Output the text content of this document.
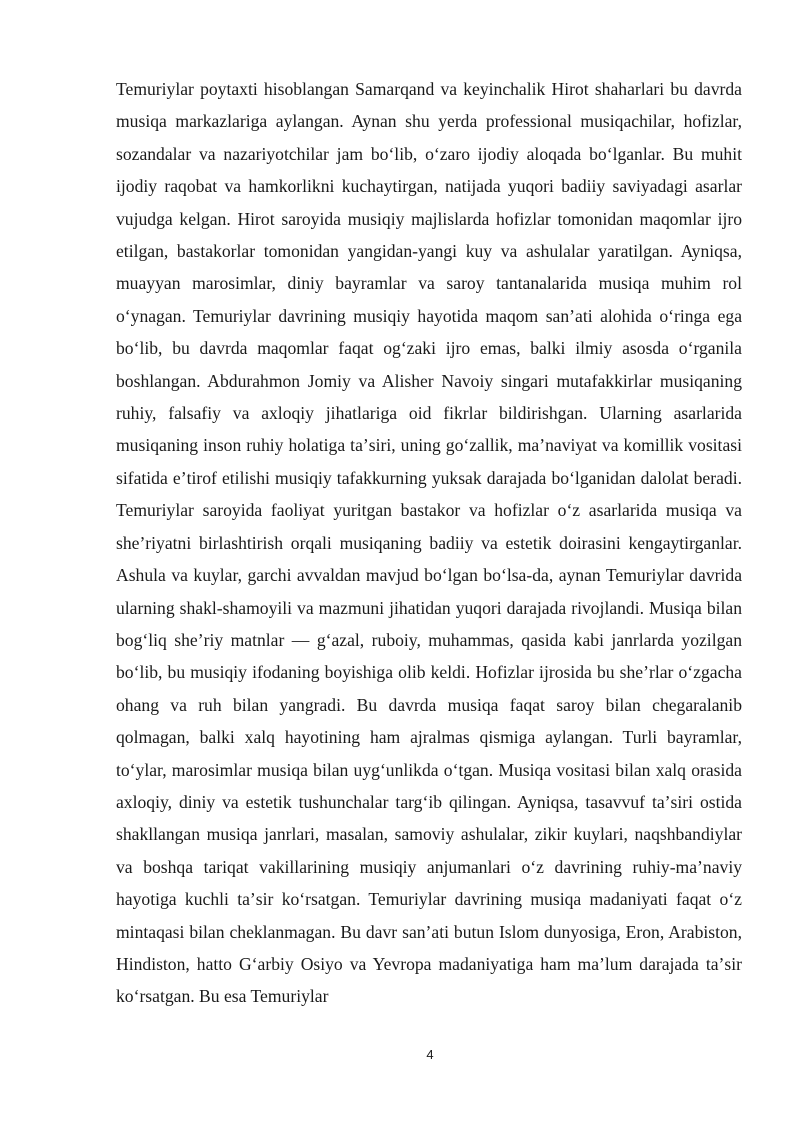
Temuriylar poytaxti hisoblangan Samarqand va keyinchalik Hirot shaharlari bu davrda musiqa markazlariga aylangan. Aynan shu yerda professional musiqachilar, hofizlar, sozandalar va nazariyotchilar jam boʻlib, oʻzaro ijodiy aloqada boʻlganlar. Bu muhit ijodiy raqobat va hamkorlikni kuchaytirgan, natijada yuqori badiiy saviyadagi asarlar vujudga kelgan. Hirot saroyida musiqiy majlislarda hofizlar tomonidan maqomlar ijro etilgan, bastakorlar tomonidan yangidan-yangi kuy va ashulalar yaratilgan. Ayniqsa, muayyan marosimlar, diniy bayramlar va saroy tantanalarida musiqa muhim rol oʻynagan. Temuriylar davrining musiqiy hayotida maqom sanʼati alohida oʻringa ega boʻlib, bu davrda maqomlar faqat ogʻzaki ijro emas, balki ilmiy asosda oʻrganila boshlangan. Abdurahmon Jomiy va Alisher Navoiy singari mutafakkirlar musiqaning ruhiy, falsafiy va axloqiy jihatlariga oid fikrlar bildirishgan. Ularning asarlarida musiqaning inson ruhiy holatiga taʼsiri, uning goʻzallik, maʼnaviyat va komillik vositasi sifatida eʼtirof etilishi musiqiy tafakkurning yuksak darajada boʻlganidan dalolat beradi. Temuriylar saroyida faoliyat yuritgan bastakor va hofizlar oʻz asarlarida musiqa va sheʼriyatni birlashtirish orqali musiqaning badiiy va estetik doirasini kengaytirganlar. Ashula va kuylar, garchi avvaldan mavjud boʻlgan boʻlsa-da, aynan Temuriylar davrida ularning shakl-shamoyili va mazmuni jihatidan yuqori darajada rivojlandi. Musiqa bilan bogʻliq sheʼriy matnlar — gʻazal, ruboiy, muhammas, qasida kabi janrlarda yozilgan boʻlib, bu musiqiy ifodaning boyishiga olib keldi. Hofizlar ijrosida bu sheʼrlar oʻzgacha ohang va ruh bilan yangradi. Bu davrda musiqa faqat saroy bilan chegaralanib qolmagan, balki xalq hayotining ham ajralmas qismiga aylangan. Turli bayramlar, toʻylar, marosimlar musiqa bilan uygʻunlikda oʻtgan. Musiqa vositasi bilan xalq orasida axloqiy, diniy va estetik tushunchalar targʻib qilingan. Ayniqsa, tasavvuf taʼsiri ostida shakllangan musiqa janrlari, masalan, samoviy ashulalar, zikir kuylari, naqshbandiylar va boshqa tariqat vakillarining musiqiy anjumanlari oʻz davrining ruhiy-maʼnaviy hayotiga kuchli taʼsir koʻrsatgan. Temuriylar davrining musiqa madaniyati faqat oʻz mintaqasi bilan cheklanmagan. Bu davr sanʼati butun Islom dunyosiga, Eron, Arabiston, Hindiston, hatto Gʻarbiy Osiyo va Yevropa madaniyatiga ham maʼlum darajada taʼsir koʻrsatgan. Bu esa Temuriylar

4
